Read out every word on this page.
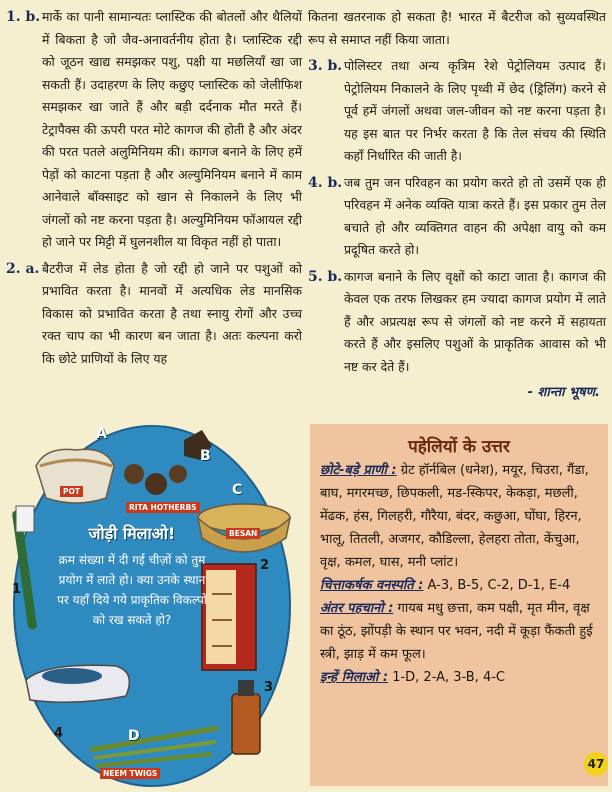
1. b. मार्के का पानी सामान्यतः प्लास्टिक की बोतलों और थैलियों में बिकता है जो जैव-अनावर्तनीय होता है। प्लास्टिक रद्दी को जूठन खाद्य समझकर पशु, पक्षी या मछलियाँ खा जा सकती हैं। उदाहरण के लिए कछुए प्लास्टिक को जेलीफिश समझकर खा जाते हैं और बड़ी दर्दनाक मौत मरते हैं। टेट्रापैक्स की ऊपरी परत मोटे कागज की होती है और अंदर की परत पतले अलुमिनियम की। कागज बनाने के लिए हमें पेड़ों को काटना पड़ता है और अल्युमिनियम बनाने में काम आनेवाले बॉक्साइट को खान से निकालने के लिए भी जंगलों को नष्ट करना पड़ता है। अल्युमिनियम फॉआयल रद्दी हो जाने पर मिट्टी में घुलनशील या विकृत नहीं हो पाता।
2. a. बैटरीज में लेड होता है जो रद्दी हो जाने पर पशुओं को प्रभावित करता है। मानवों में अत्यधिक लेड मानसिक विकास को प्रभावित करता है तथा स्नायु रोगों और उच्च रक्त चाप का भी कारण बन जाता है। अतः कल्पना करो कि छोटे प्राणियों के लिए यह
कितना खतरनाक हो सकता है! भारत में बैटरीज को सुव्यवस्थित रूप से समाप्त नहीं किया जाता।
3. b. पोलिस्टर तथा अन्य कृत्रिम रेशे पेट्रोलियम उत्पाद हैं। पेट्रोलियम निकालने के लिए पृथ्वी में छेद (ड्रिलिंग) करने से पूर्व हमें जंगलों अथवा जल-जीवन को नष्ट करना पड़ता है। यह इस बात पर निर्भर करता है कि तेल संचय की स्थिति कहाँ निर्धारित की जाती है।
4. b. जब तुम जन परिवहन का प्रयोग करते हो तो उसमें एक ही परिवहन में अनेक व्यक्ति यात्रा करते हैं। इस प्रकार तुम तेल बचाते हो और व्यक्तिगत वाहन की अपेक्षा वायु को कम प्रदूषित करते हो।
5. b. कागज बनाने के लिए वृक्षों को काटा जाता है। कागज की केवल एक तरफ लिखकर हम ज्यादा कागज प्रयोग में लाते हैं और अप्रत्यक्ष रूप से जंगलों को नष्ट करने में सहायता करते हैं और इसलिए पशुओं के प्राकृतिक आवास को भी नष्ट कर देते हैं।
- शान्ता भूषण.
A
B
C
D
1
2
3
4
POT
RITA HOTHERBS
BESAN
NEEM TWIGS
जोड़ी मिलाओ!
क्रम संख्या में दी गई चीज़ों को तुम प्रयोग में लाते हो। क्या उनके स्थान पर यहाँ दिये गये प्राकृतिक विकल्पों को रख सकते हो?
पहेलियों के उत्तर
छोटे-बड़े प्राणी : ग्रेट हॉर्नबिल (धनेश), मयूर, चिउरा, गैंडा, बाघ, मगरमच्छ, छिपकली, मड-स्किपर, केकड़ा, मछली, मेंढक, हंस, गिलहरी, गौरैया, बंदर, कछुआ, घोंघा, हिरन, भालू, तितली, अजगर, कौडिल्ला, हेलहरा तोता, केंचुआ, वृक्ष, कमल, घास, मनी प्लांट।
चित्ताकर्षक वनस्पति : A-3, B-5, C-2, D-1, E-4
अंतर पहचानो : गायब मधु छत्ता, कम पक्षी, मृत मीन, वृक्ष का ठूंठ, झोंपड़ी के स्थान पर भवन, नदी में कूड़ा फैंकती हुई स्त्री, झाड़ में कम फूल।
इन्हें मिलाओ : 1-D, 2-A, 3-B, 4-C
47
